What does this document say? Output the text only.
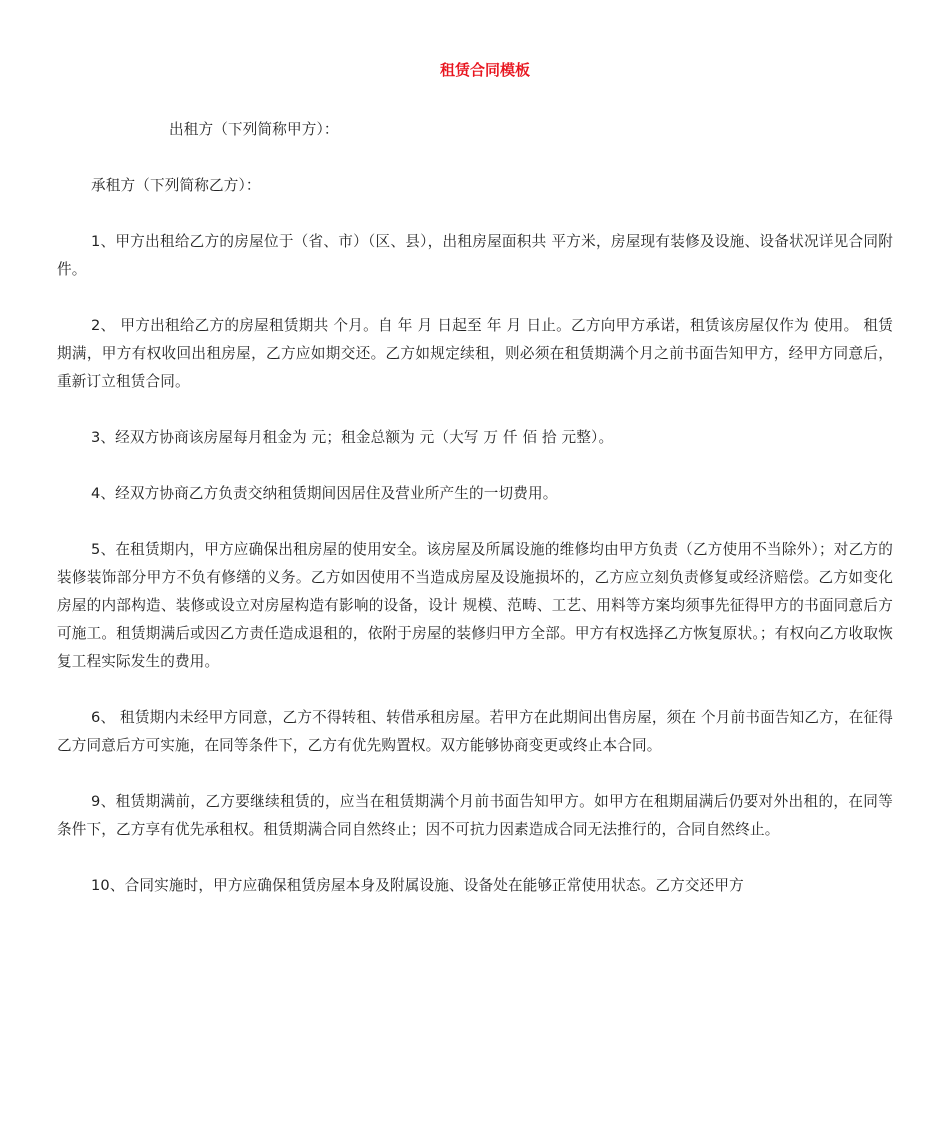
租赁合同模板

出租方（下列简称甲方）：

承租方（下列简称乙方）：

1、甲方出租给乙方的房屋位于（省、市）（区、县），出租房屋面积共 平方米，房屋现有装修及设施、设备状况详见合同附件。

2、 甲方出租给乙方的房屋租赁期共 个月。自 年 月 日起至 年 月 日止。乙方向甲方承诺，租赁该房屋仅作为 使用。 租赁期满，甲方有权收回出租房屋，乙方应如期交还。乙方如规定续租，则必须在租赁期满个月之前书面告知甲方，经甲方同意后，重新订立租赁合同。

3、经双方协商该房屋每月租金为 元；租金总额为 元（大写 万 仟 佰 拾 元整）。

4、经双方协商乙方负责交纳租赁期间因居住及营业所产生的一切费用。

5、在租赁期内，甲方应确保出租房屋的使用安全。该房屋及所属设施的维修均由甲方负责（乙方使用不当除外）；对乙方的装修装饰部分甲方不负有修缮的义务。乙方如因使用不当造成房屋及设施损坏的，乙方应立刻负责修复或经济赔偿。乙方如变化房屋的内部构造、装修或设立对房屋构造有影响的设备，设计 规模、范畴、工艺、用料等方案均须事先征得甲方的书面同意后方可施工。租赁期满后或因乙方责任造成退租的，依附于房屋的装修归甲方全部。甲方有权选择乙方恢复原状。；有权向乙方收取恢复工程实际发生的费用。

6、 租赁期内未经甲方同意，乙方不得转租、转借承租房屋。若甲方在此期间出售房屋，须在 个月前书面告知乙方，在征得乙方同意后方可实施，在同等条件下，乙方有优先购置权。双方能够协商变更或终止本合同。

9、租赁期满前，乙方要继续租赁的，应当在租赁期满个月前书面告知甲方。如甲方在租期届满后仍要对外出租的，在同等条件下，乙方享有优先承租权。租赁期满合同自然终止；因不可抗力因素造成合同无法推行的，合同自然终止。

10、合同实施时，甲方应确保租赁房屋本身及附属设施、设备处在能够正常使用状态。乙方交还甲方
